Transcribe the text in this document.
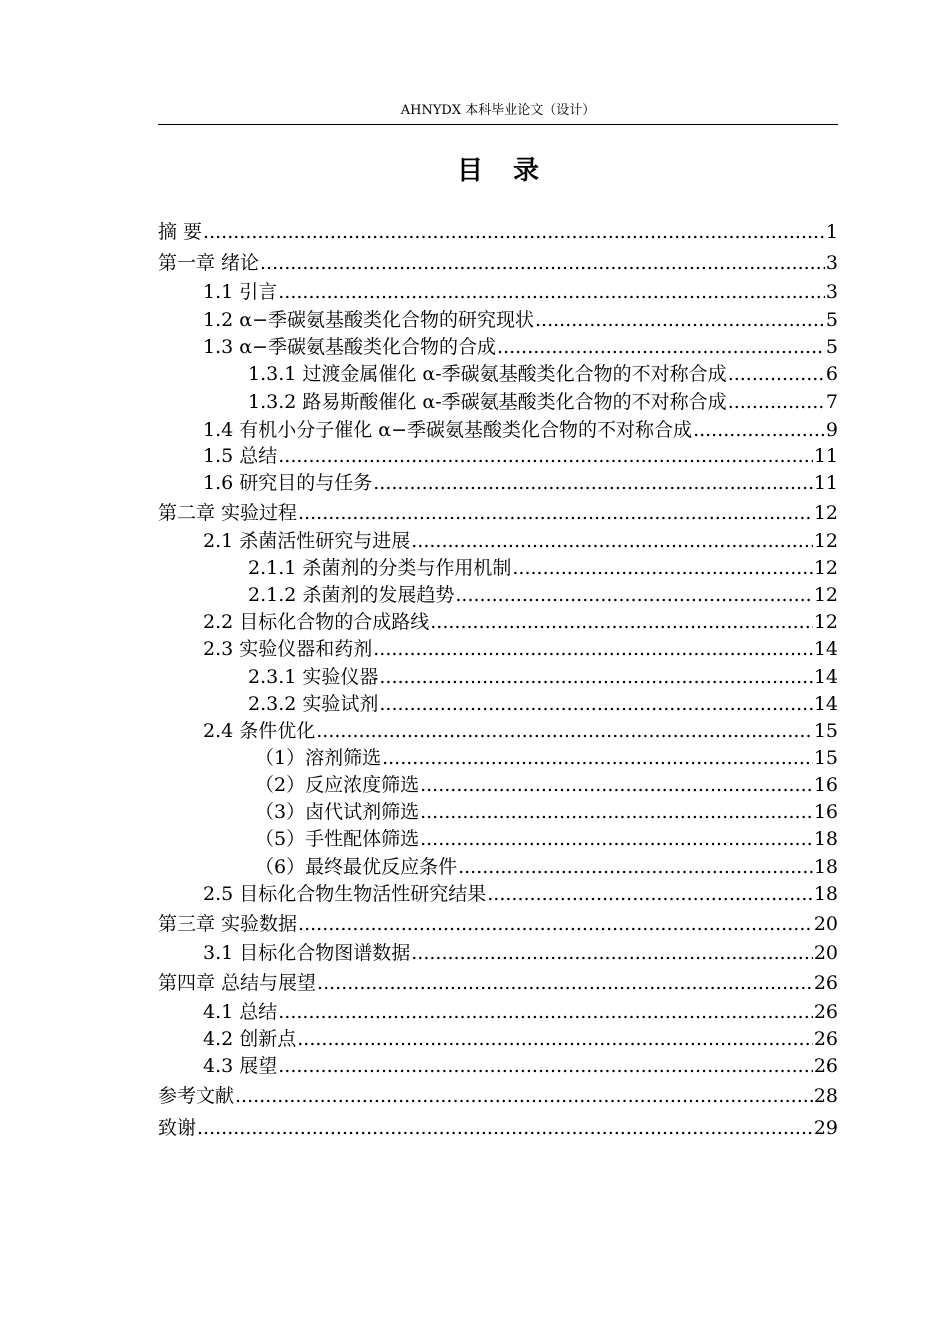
AHNYDX 本科毕业论文（设计）
目录
摘 要 .....	1
第一章 绪论 .....	3
1.1 引言 .....	3
1.2 α−季碳氨基酸类化合物的研究现状 .....	5
1.3 α−季碳氨基酸类化合物的合成 .....	5
1.3.1 过渡金属催化 α-季碳氨基酸类化合物的不对称合成 .....	6
1.3.2 路易斯酸催化 α-季碳氨基酸类化合物的不对称合成 .....	7
1.4 有机小分子催化 α−季碳氨基酸类化合物的不对称合成 .....	9
1.5 总结 .....	11
1.6 研究目的与任务 .....	11
第二章 实验过程 .....	12
2.1 杀菌活性研究与进展 .....	12
2.1.1 杀菌剂的分类与作用机制 .....	12
2.1.2 杀菌剂的发展趋势 .....	12
2.2 目标化合物的合成路线 .....	12
2.3 实验仪器和药剂 .....	14
2.3.1 实验仪器 .....	14
2.3.2 实验试剂 .....	14
2.4 条件优化 .....	15
（1）溶剂筛选 .....	15
（2）反应浓度筛选 .....	16
（3）卤代试剂筛选 .....	16
（5）手性配体筛选 .....	18
（6）最终最优反应条件 .....	18
2.5 目标化合物生物活性研究结果 .....	18
第三章 实验数据 .....	20
3.1 目标化合物图谱数据 .....	20
第四章 总结与展望 .....	26
4.1 总结 .....	26
4.2 创新点 .....	26
4.3 展望 .....	26
参考文献 .....	28
致谢 .....	29
